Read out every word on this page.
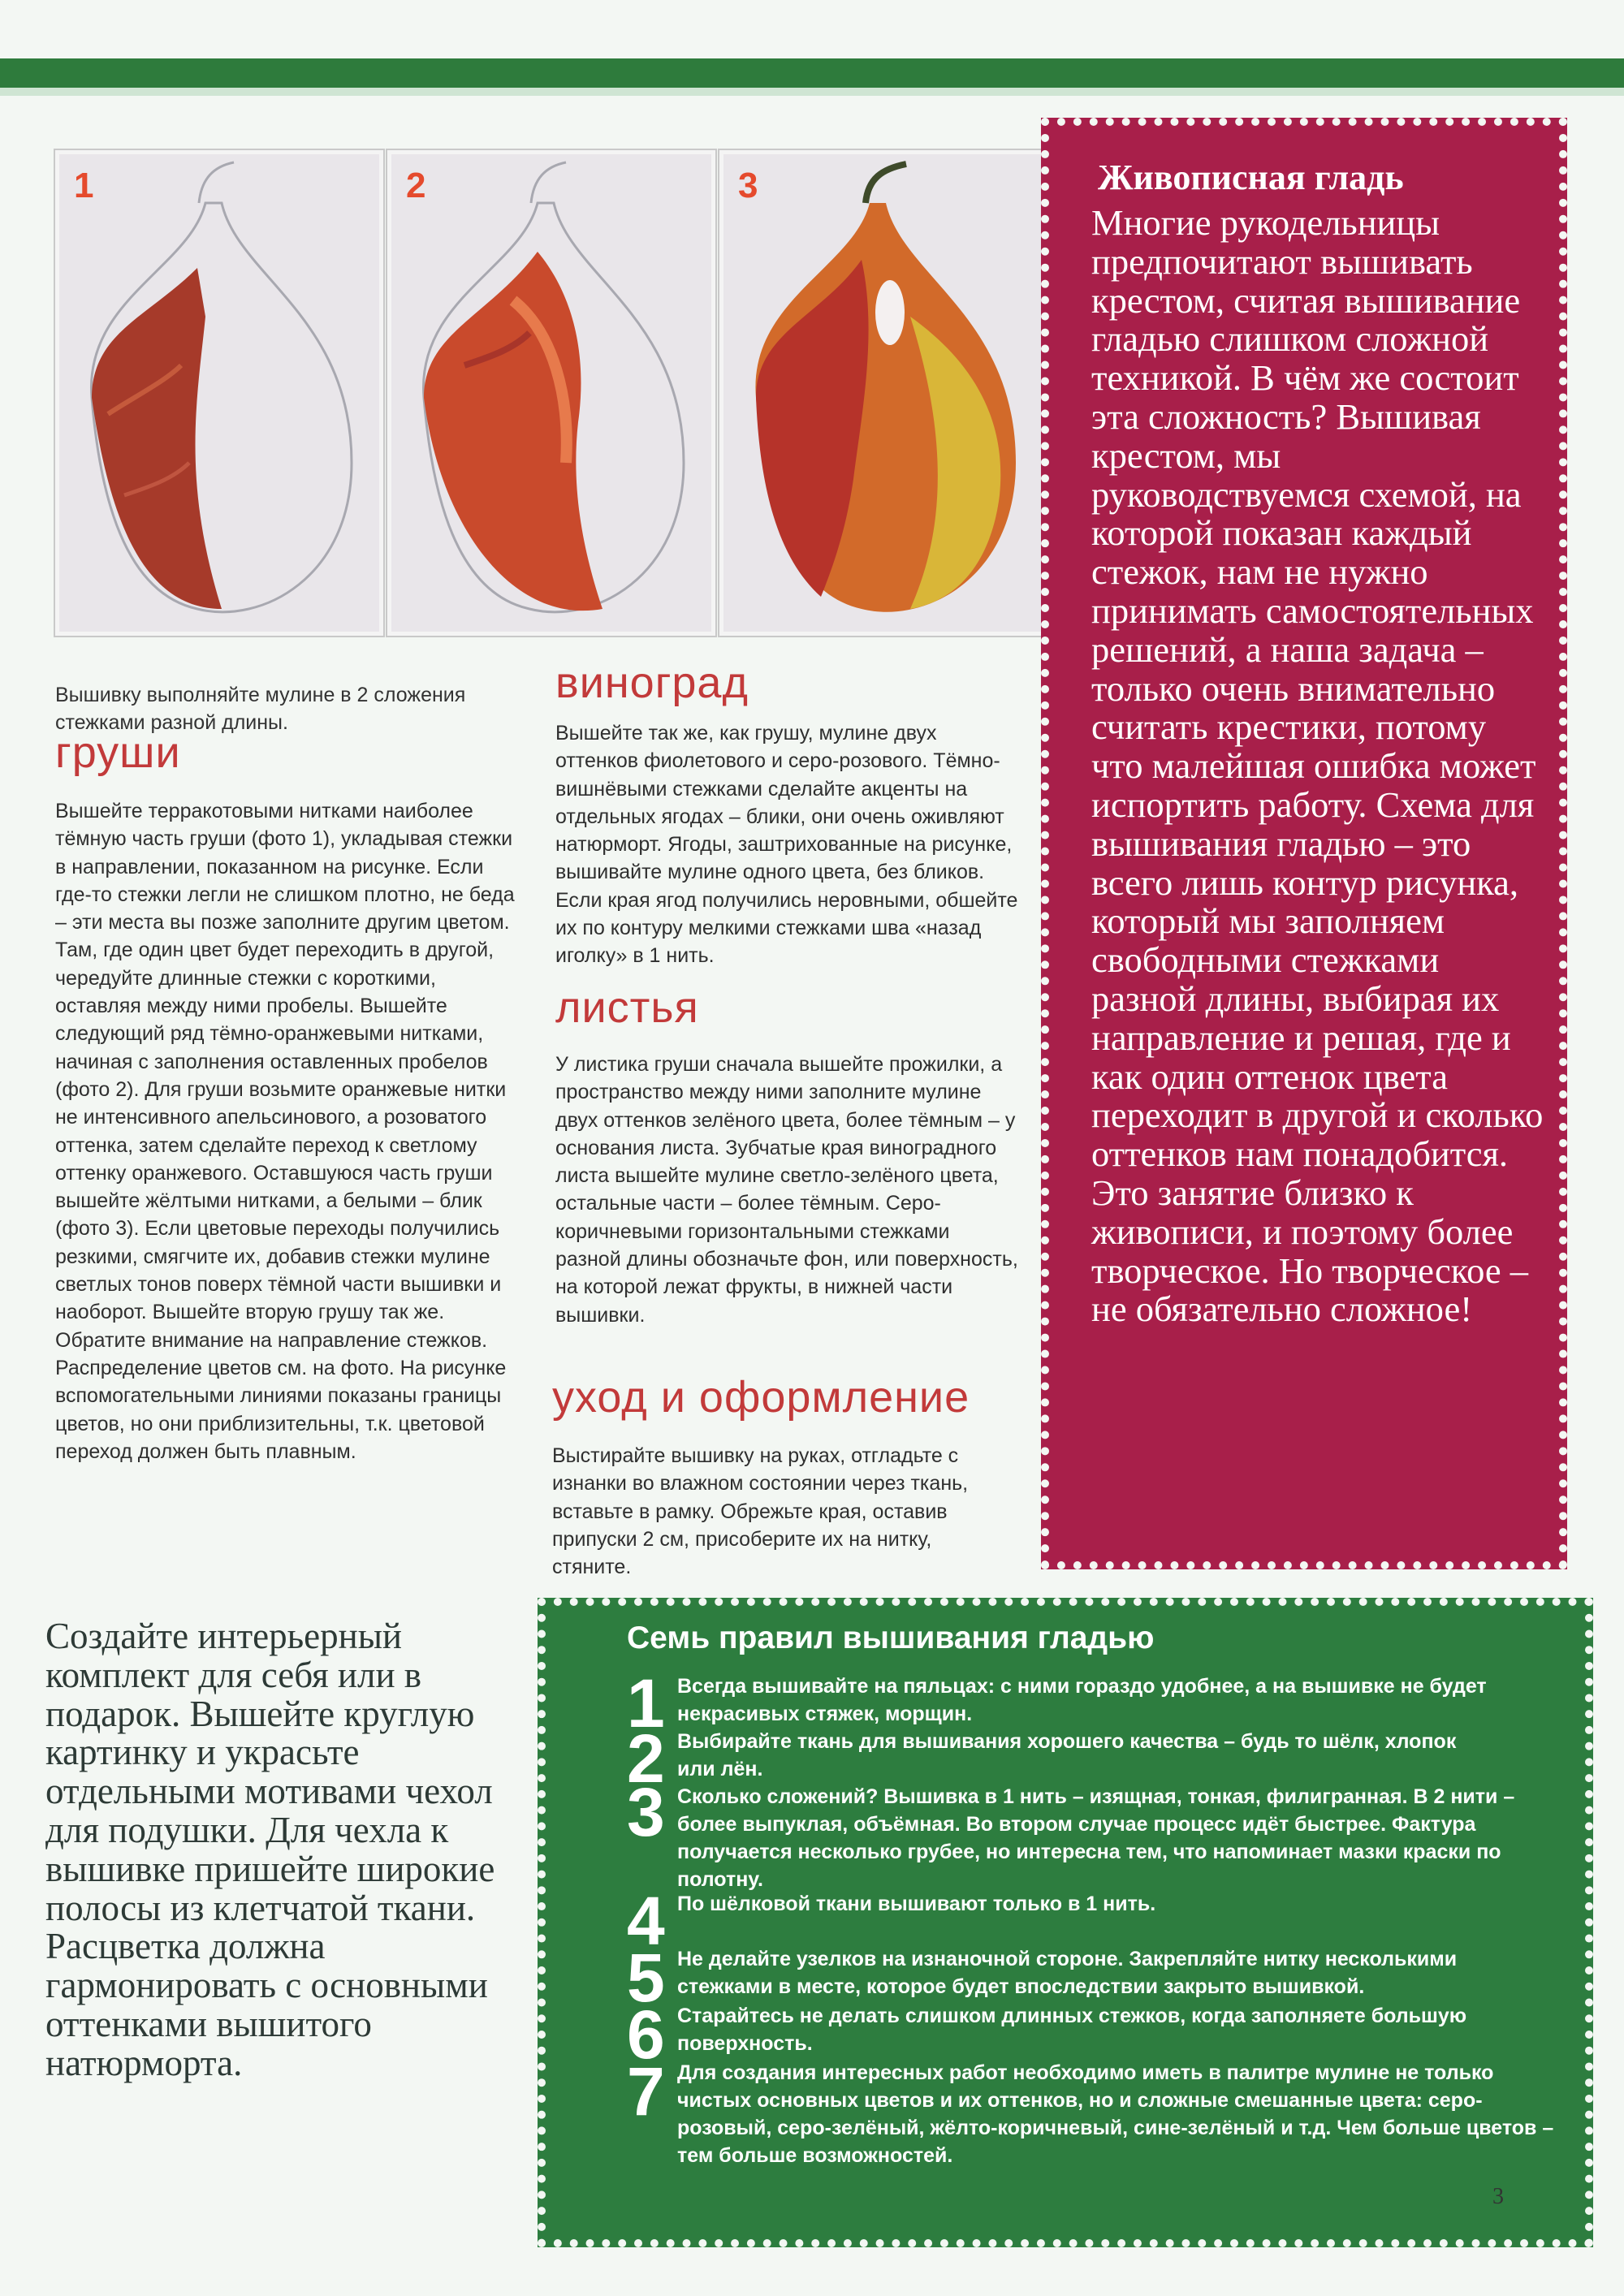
1	2	3

Вышивку выполняйте мулине в 2 сложения стежками разной длины.

груши
Вышейте терракотовыми нитками наиболее тёмную часть груши (фото 1), укладывая стежки в направлении, показанном на рисунке. Если где-то стежки легли не слишком плотно, не беда – эти места вы позже заполните другим цветом. Там, где один цвет будет переходить в другой, чередуйте длинные стежки с короткими, оставляя между ними пробелы. Вышейте следующий ряд тёмно-оранжевыми нитками, начиная с заполнения оставленных пробелов (фото 2). Для груши возьмите оранжевые нитки не интенсивного апельсинового, а розоватого оттенка, затем сделайте переход к светлому оттенку оранжевого. Оставшуюся часть груши вышейте жёлтыми нитками, а белыми – блик (фото 3). Если цветовые переходы получились резкими, смягчите их, добавив стежки мулине светлых тонов поверх тёмной части вышивки и наоборот. Вышейте вторую грушу так же. Обратите внимание на направление стежков. Распределение цветов см. на фото. На рисунке вспомогательными линиями показаны границы цветов, но они приблизительны, т.к. цветовой переход должен быть плавным.
виноград
Вышейте так же, как грушу, мулине двух оттенков фиолетового и серо-розового. Тёмно-вишнёвыми стежками сделайте акценты на отдельных ягодах – блики, они очень оживляют натюрморт. Ягоды, заштрихованные на рисунке, вышивайте мулине одного цвета, без бликов. Если края ягод получились неровными, обшейте их по контуру мелкими стежками шва «назад иголку» в 1 нить.
листья
У листика груши сначала вышейте прожилки, а пространство между ними заполните мулине двух оттенков зелёного цвета, более тёмным – у основания листа. Зубчатые края виноградного листа вышейте мулине светло-зелёного цвета, остальные части – более тёмным. Серо-коричневыми горизонтальными стежками разной длины обозначьте фон, или поверхность, на которой лежат фрукты, в нижней части вышивки.
уход и оформление
Выстирайте вышивку на руках, отгладьте с изнанки во влажном состоянии через ткань, вставьте в рамку. Обрежьте края, оставив припуски 2 см, присоберите их на нитку, стяните.
Живописная гладь
Многие рукодельницы предпочитают вышивать крестом, считая вышивание гладью слишком сложной техникой. В чём же состоит эта сложность? Вышивая крестом, мы руководствуемся схемой, на которой показан каждый стежок, нам не нужно принимать самостоятельных решений, а наша задача – только очень внимательно считать крестики, потому что малейшая ошибка может испортить работу. Схема для вышивания гладью – это всего лишь контур рисунка, который мы заполняем свободными стежками разной длины, выбирая их направление и решая, где и как один оттенок цвета переходит в другой и сколько оттенков нам понадобится. Это занятие близко к живописи, и поэтому более творческое. Но творческое – не обязательно сложное!
Создайте интерьерный комплект для себя или в подарок. Вышейте круглую картинку и украсьте отдельными мотивами чехол для подушки. Для чехла к вышивке пришейте широкие полосы из клетчатой ткани. Расцветка должна гармонировать с основными оттенками вышитого натюрморта.
Семь правил вышивания гладью
1 Всегда вышивайте на пяльцах: с ними гораздо удобнее, а на вышивке не будет некрасивых стяжек, морщин.
2 Выбирайте ткань для вышивания хорошего качества – будь то шёлк, хлопок или лён.
3 Сколько сложений? Вышивка в 1 нить – изящная, тонкая, филигранная. В 2 нити – более выпуклая, объёмная. Во втором случае процесс идёт быстрее. Фактура получается несколько грубее, но интересна тем, что напоминает мазки краски по полотну.
4 По шёлковой ткани вышивают только в 1 нить.
5 Не делайте узелков на изнаночной стороне. Закрепляйте нитку несколькими стежками в месте, которое будет впоследствии закрыто вышивкой.
6 Старайтесь не делать слишком длинных стежков, когда заполняете большую поверхность.
7 Для создания интересных работ необходимо иметь в палитре мулине не только чистых основных цветов и их оттенков, но и сложные смешанные цвета: серо-розовый, серо-зелёный, жёлто-коричневый, сине-зелёный и т.д. Чем больше цветов – тем больше возможностей.
3
